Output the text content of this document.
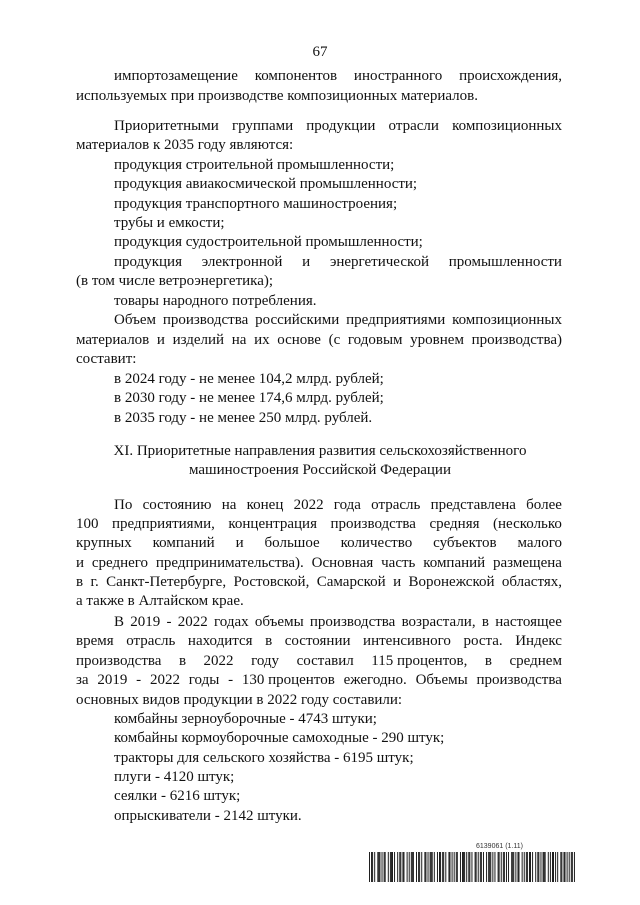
67
импортозамещение компонентов иностранного происхождения,
используемых при производстве композиционных материалов.
Приоритетными группами продукции отрасли композиционных
материалов к 2035 году являются:
продукция строительной промышленности;
продукция авиакосмической промышленности;
продукция транспортного машиностроения;
трубы и емкости;
продукция судостроительной промышленности;
продукция электронной и энергетической промышленности
(в том числе ветроэнергетика);
товары народного потребления.
Объем производства российскими предприятиями композиционных
материалов и изделий на их основе (с годовым уровнем производства)
составит:
в 2024 году - не менее 104,2 млрд. рублей;
в 2030 году - не менее 174,6 млрд. рублей;
в 2035 году - не менее 250 млрд. рублей.
XI. Приоритетные направления развития сельскохозяйственного
машиностроения Российской Федерации
По состоянию на конец 2022 года отрасль представлена более
100 предприятиями, концентрация производства средняя (несколько
крупных компаний и большое количество субъектов малого
и среднего предпринимательства). Основная часть компаний размещена
в г. Санкт-Петербурге, Ростовской, Самарской и Воронежской областях,
а также в Алтайском крае.
В 2019 - 2022 годах объемы производства возрастали, в настоящее
время отрасль находится в состоянии интенсивного роста. Индекс
производства в 2022 году составил 115 процентов, в среднем
за 2019 - 2022 годы - 130 процентов ежегодно. Объемы производства
основных видов продукции в 2022 году составили:
комбайны зерноуборочные - 4743 штуки;
комбайны кормоуборочные самоходные - 290 штук;
тракторы для сельского хозяйства - 6195 штук;
плуги - 4120 штук;
сеялки - 6216 штук;
опрыскиватели - 2142 штуки.
6139061 (1.11)
